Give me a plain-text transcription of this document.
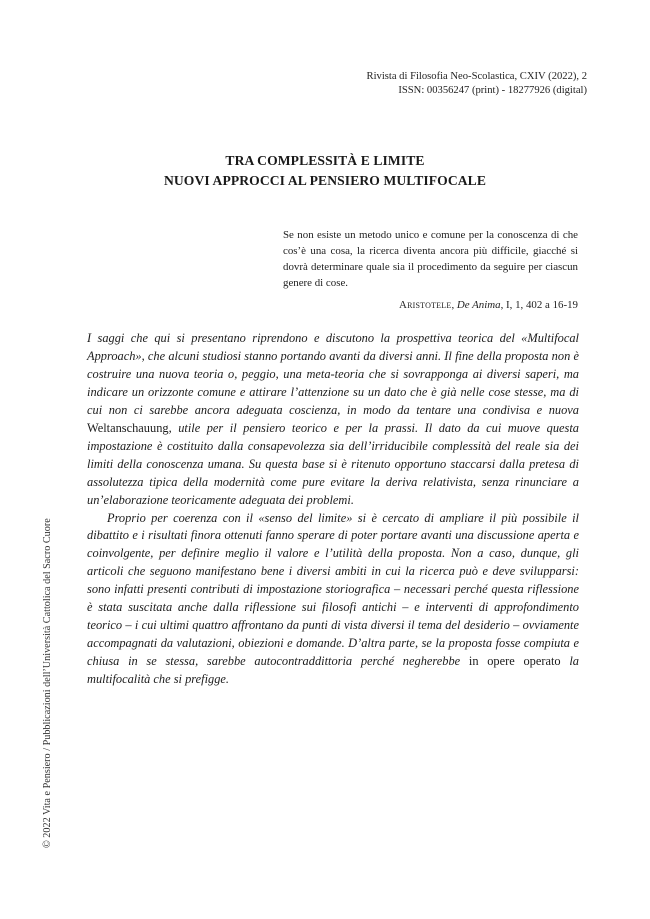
Rivista di Filosofia Neo-Scolastica, CXIV (2022), 2
ISSN: 00356247 (print) - 18277926 (digital)
TRA COMPLESSITÀ E LIMITE
NUOVI APPROCCI AL PENSIERO MULTIFOCALE

Se non esiste un metodo unico e comune per la conoscenza di che cos’è una cosa, la ricerca diventa ancora più difficile, giacché si dovrà determinare quale sia il procedimento da seguire per ciascun genere di cose.

Aristotele, De Anima, I, 1, 402 a 16-19

I saggi che qui si presentano riprendono e discutono la prospettiva teorica del «Multifocal Approach», che alcuni studiosi stanno portando avanti da diversi anni. Il fine della proposta non è costruire una nuova teoria o, peggio, una meta-teoria che si sovrapponga ai diversi saperi, ma indicare un orizzonte comune e attirare l’attenzione su un dato che è già nelle cose stesse, ma di cui non ci sarebbe ancora adeguata coscienza, in modo da tentare una condivisa e nuova Weltanschauung, utile per il pensiero teorico e per la prassi. Il dato da cui muove questa impostazione è costituito dalla consapevolezza sia dell’irriducibile complessità del reale sia dei limiti della conoscenza umana. Su questa base si è ritenuto opportuno staccarsi dalla pretesa di assolutezza tipica della modernità come pure evitare la deriva relativista, senza rinunciare a un’elaborazione teoricamente adeguata dei problemi.

Proprio per coerenza con il «senso del limite» si è cercato di ampliare il più possibile il dibattito e i risultati finora ottenuti fanno sperare di poter portare avanti una discussione aperta e coinvolgente, per definire meglio il valore e l’utilità della proposta. Non a caso, dunque, gli articoli che seguono manifestano bene i diversi ambiti in cui la ricerca può e deve svilupparsi: sono infatti presenti contributi di impostazione storiografica – necessari perché questa riflessione è stata suscitata anche dalla riflessione sui filosofi antichi – e interventi di approfondimento teorico – i cui ultimi quattro affrontano da punti di vista diversi il tema del desiderio – ovviamente accompagnati da valutazioni, obiezioni e domande. D’altra parte, se la proposta fosse compiuta e chiusa in se stessa, sarebbe autocontraddittoria perché negherebbe in opere operato la multifocalità che si prefigge.

© 2022 Vita e Pensiero / Pubblicazioni dell’Università Cattolica del Sacro Cuore
